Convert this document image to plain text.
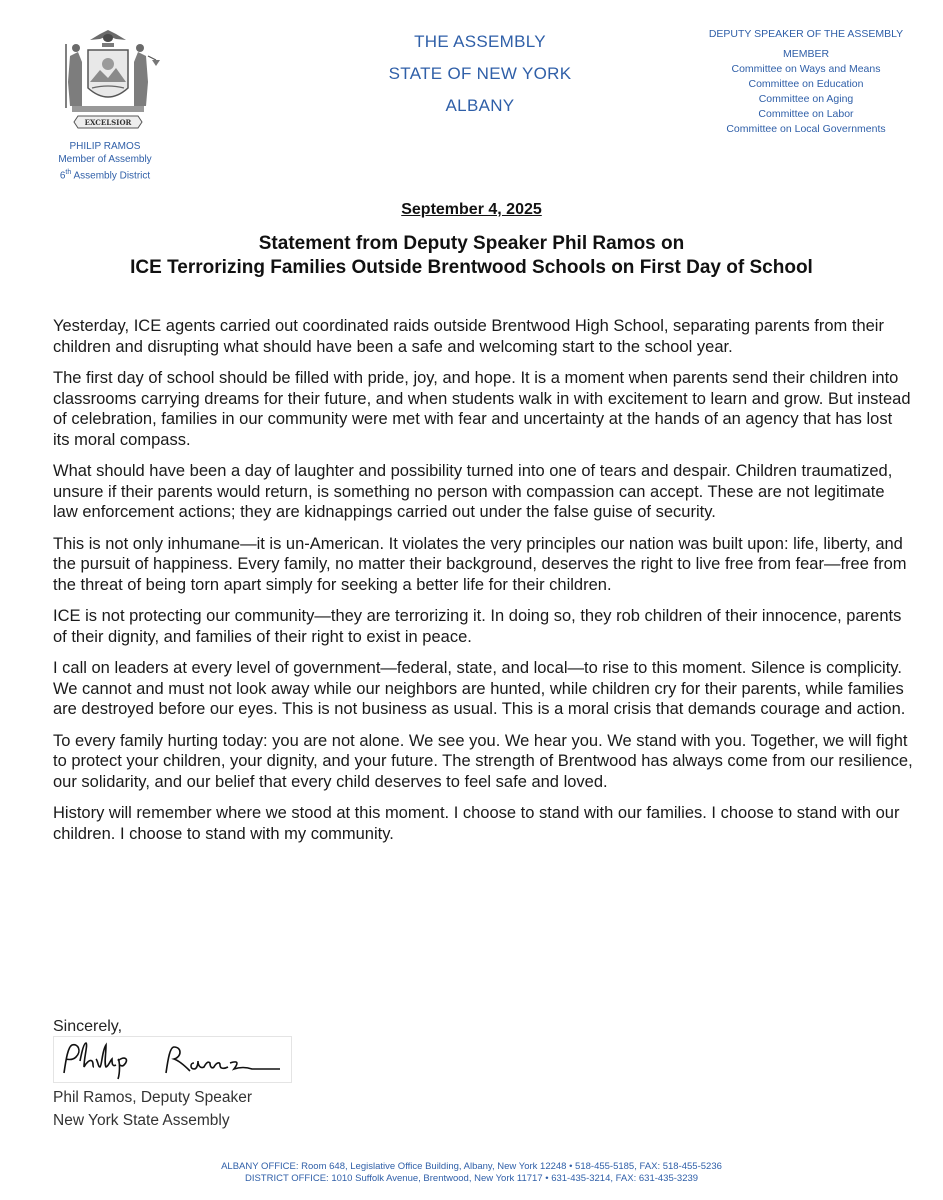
EXCELSIOR
PHILIP RAMOS
Member of Assembly
6th Assembly District
THE ASSEMBLY
STATE OF NEW YORK
ALBANY
DEPUTY SPEAKER OF THE ASSEMBLY
MEMBER
Committee on Ways and Means
Committee on Education
Committee on Aging
Committee on Labor
Committee on Local Governments
September 4, 2025
Statement from Deputy Speaker Phil Ramos on
ICE Terrorizing Families Outside Brentwood Schools on First Day of School

Yesterday, ICE agents carried out coordinated raids outside Brentwood High School, separating parents from their children and disrupting what should have been a safe and welcoming start to the school year.

The first day of school should be filled with pride, joy, and hope. It is a moment when parents send their children into classrooms carrying dreams for their future, and when students walk in with excitement to learn and grow. But instead of celebration, families in our community were met with fear and uncertainty at the hands of an agency that has lost its moral compass.

What should have been a day of laughter and possibility turned into one of tears and despair. Children traumatized, unsure if their parents would return, is something no person with compassion can accept. These are not legitimate law enforcement actions; they are kidnappings carried out under the false guise of security.

This is not only inhumane—it is un-American. It violates the very principles our nation was built upon: life, liberty, and the pursuit of happiness. Every family, no matter their background, deserves the right to live free from fear—free from the threat of being torn apart simply for seeking a better life for their children.

ICE is not protecting our community—they are terrorizing it. In doing so, they rob children of their innocence, parents of their dignity, and families of their right to exist in peace.

I call on leaders at every level of government—federal, state, and local—to rise to this moment. Silence is complicity. We cannot and must not look away while our neighbors are hunted, while children cry for their parents, while families are destroyed before our eyes. This is not business as usual. This is a moral crisis that demands courage and action.

To every family hurting today: you are not alone. We see you. We hear you. We stand with you. Together, we will fight to protect your children, your dignity, and your future. The strength of Brentwood has always come from our resilience, our solidarity, and our belief that every child deserves to feel safe and loved.

History will remember where we stood at this moment. I choose to stand with our families. I choose to stand with our children. I choose to stand with my community.

Sincerely,
Phil Ramos, Deputy Speaker
New York State Assembly
ALBANY OFFICE: Room 648, Legislative Office Building, Albany, New York 12248 • 518-455-5185, FAX: 518-455-5236
DISTRICT OFFICE: 1010 Suffolk Avenue, Brentwood, New York 11717 • 631-435-3214, FAX: 631-435-3239
